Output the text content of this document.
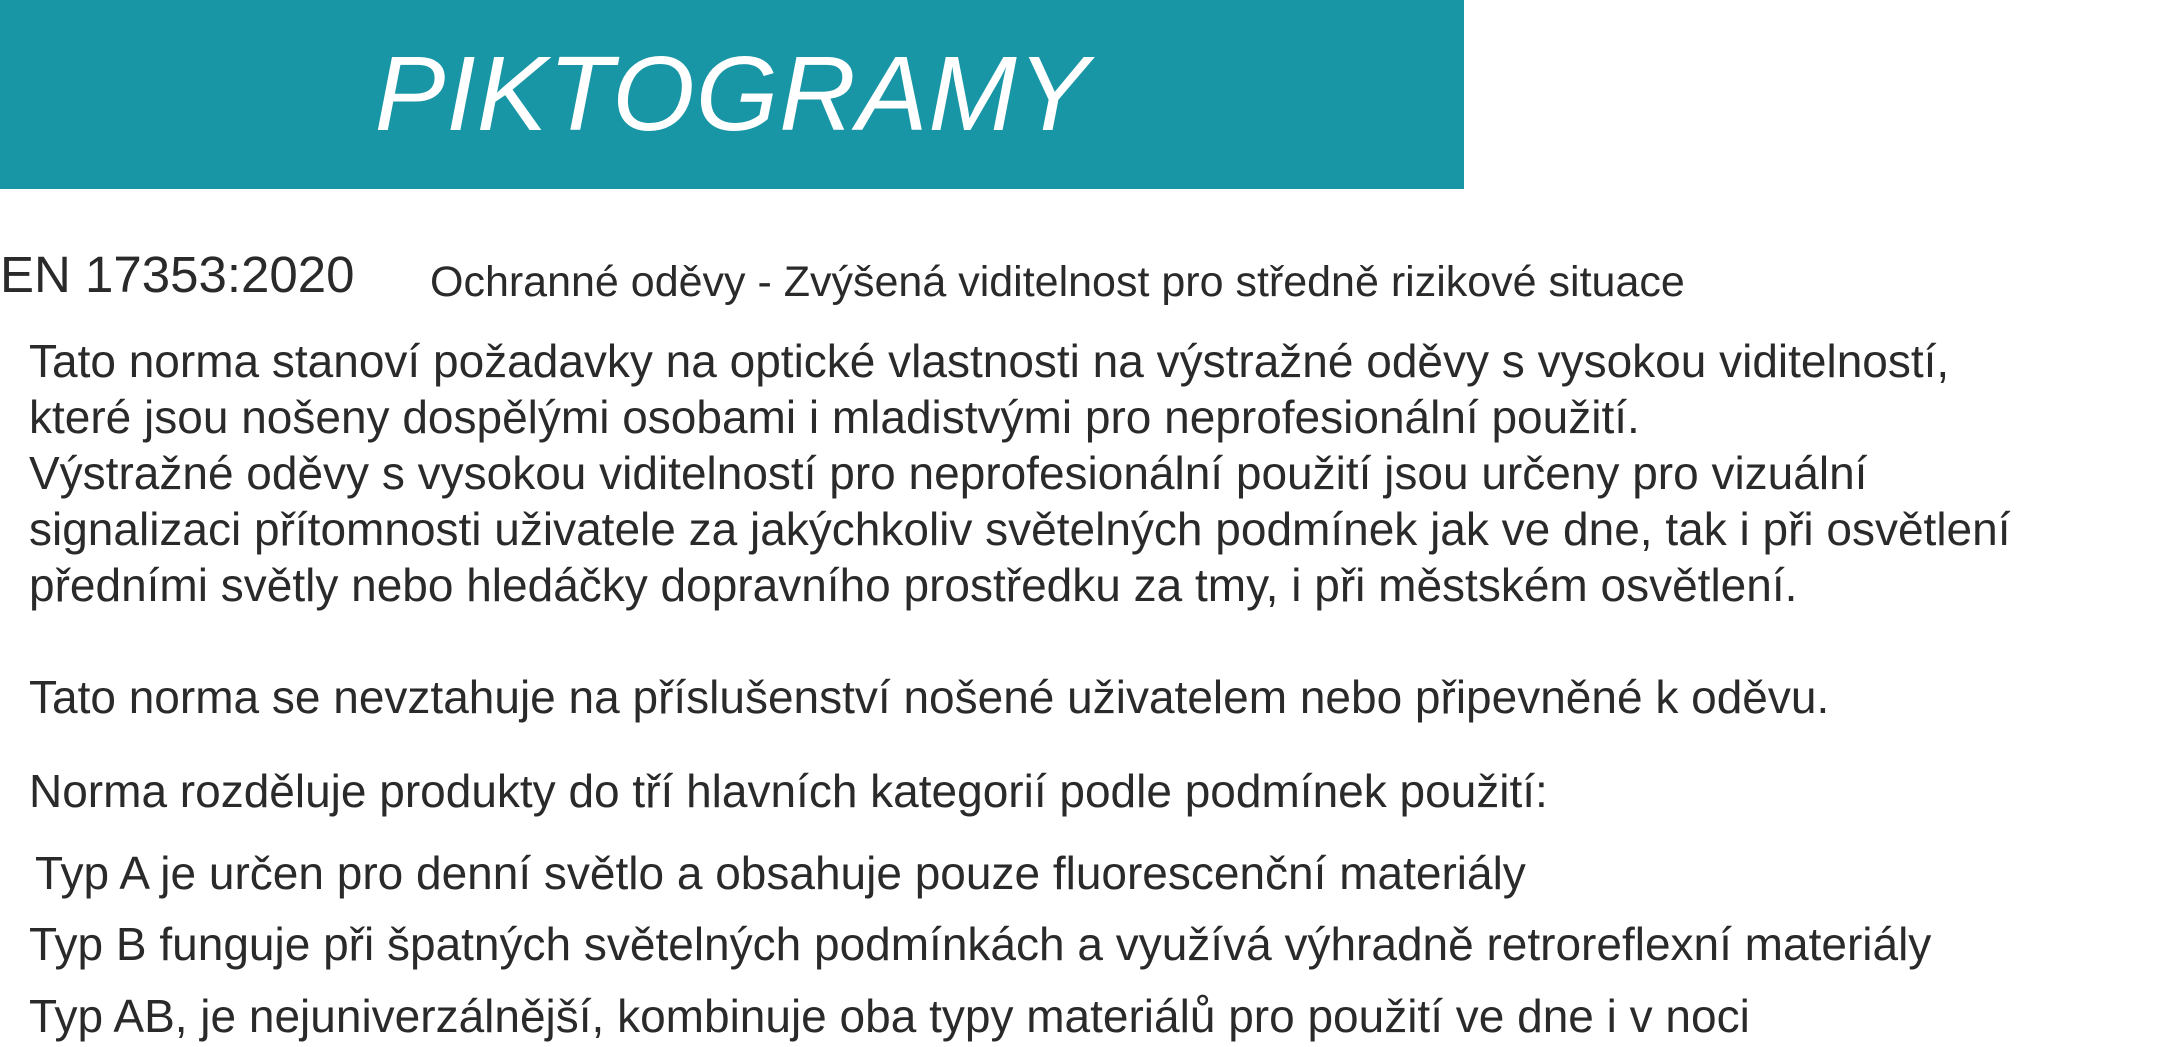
PIKTOGRAMY
EN 17353:2020 Ochranné oděvy - Zvýšená viditelnost pro středně rizikové situace
Tato norma stanoví požadavky na optické vlastnosti na výstražné oděvy s vysokou viditelností,
které jsou nošeny dospělými osobami i mladistvými pro neprofesionální použití.
Výstražné oděvy s vysokou viditelností pro neprofesionální použití jsou určeny pro vizuální
signalizaci přítomnosti uživatele za jakýchkoliv světelných podmínek jak ve dne, tak i při osvětlení
předními světly nebo hledáčky dopravního prostředku za tmy, i při městském osvětlení.
Tato norma se nevztahuje na příslušenství nošené uživatelem nebo připevněné k oděvu.
Norma rozděluje produkty do tří hlavních kategorií podle podmínek použití:
Typ A je určen pro denní světlo a obsahuje pouze fluorescenční materiály
Typ B funguje při špatných světelných podmínkách a využívá výhradně retroreflexní materiály
Typ AB, je nejuniverzálnější, kombinuje oba typy materiálů pro použití ve dne i v noci
